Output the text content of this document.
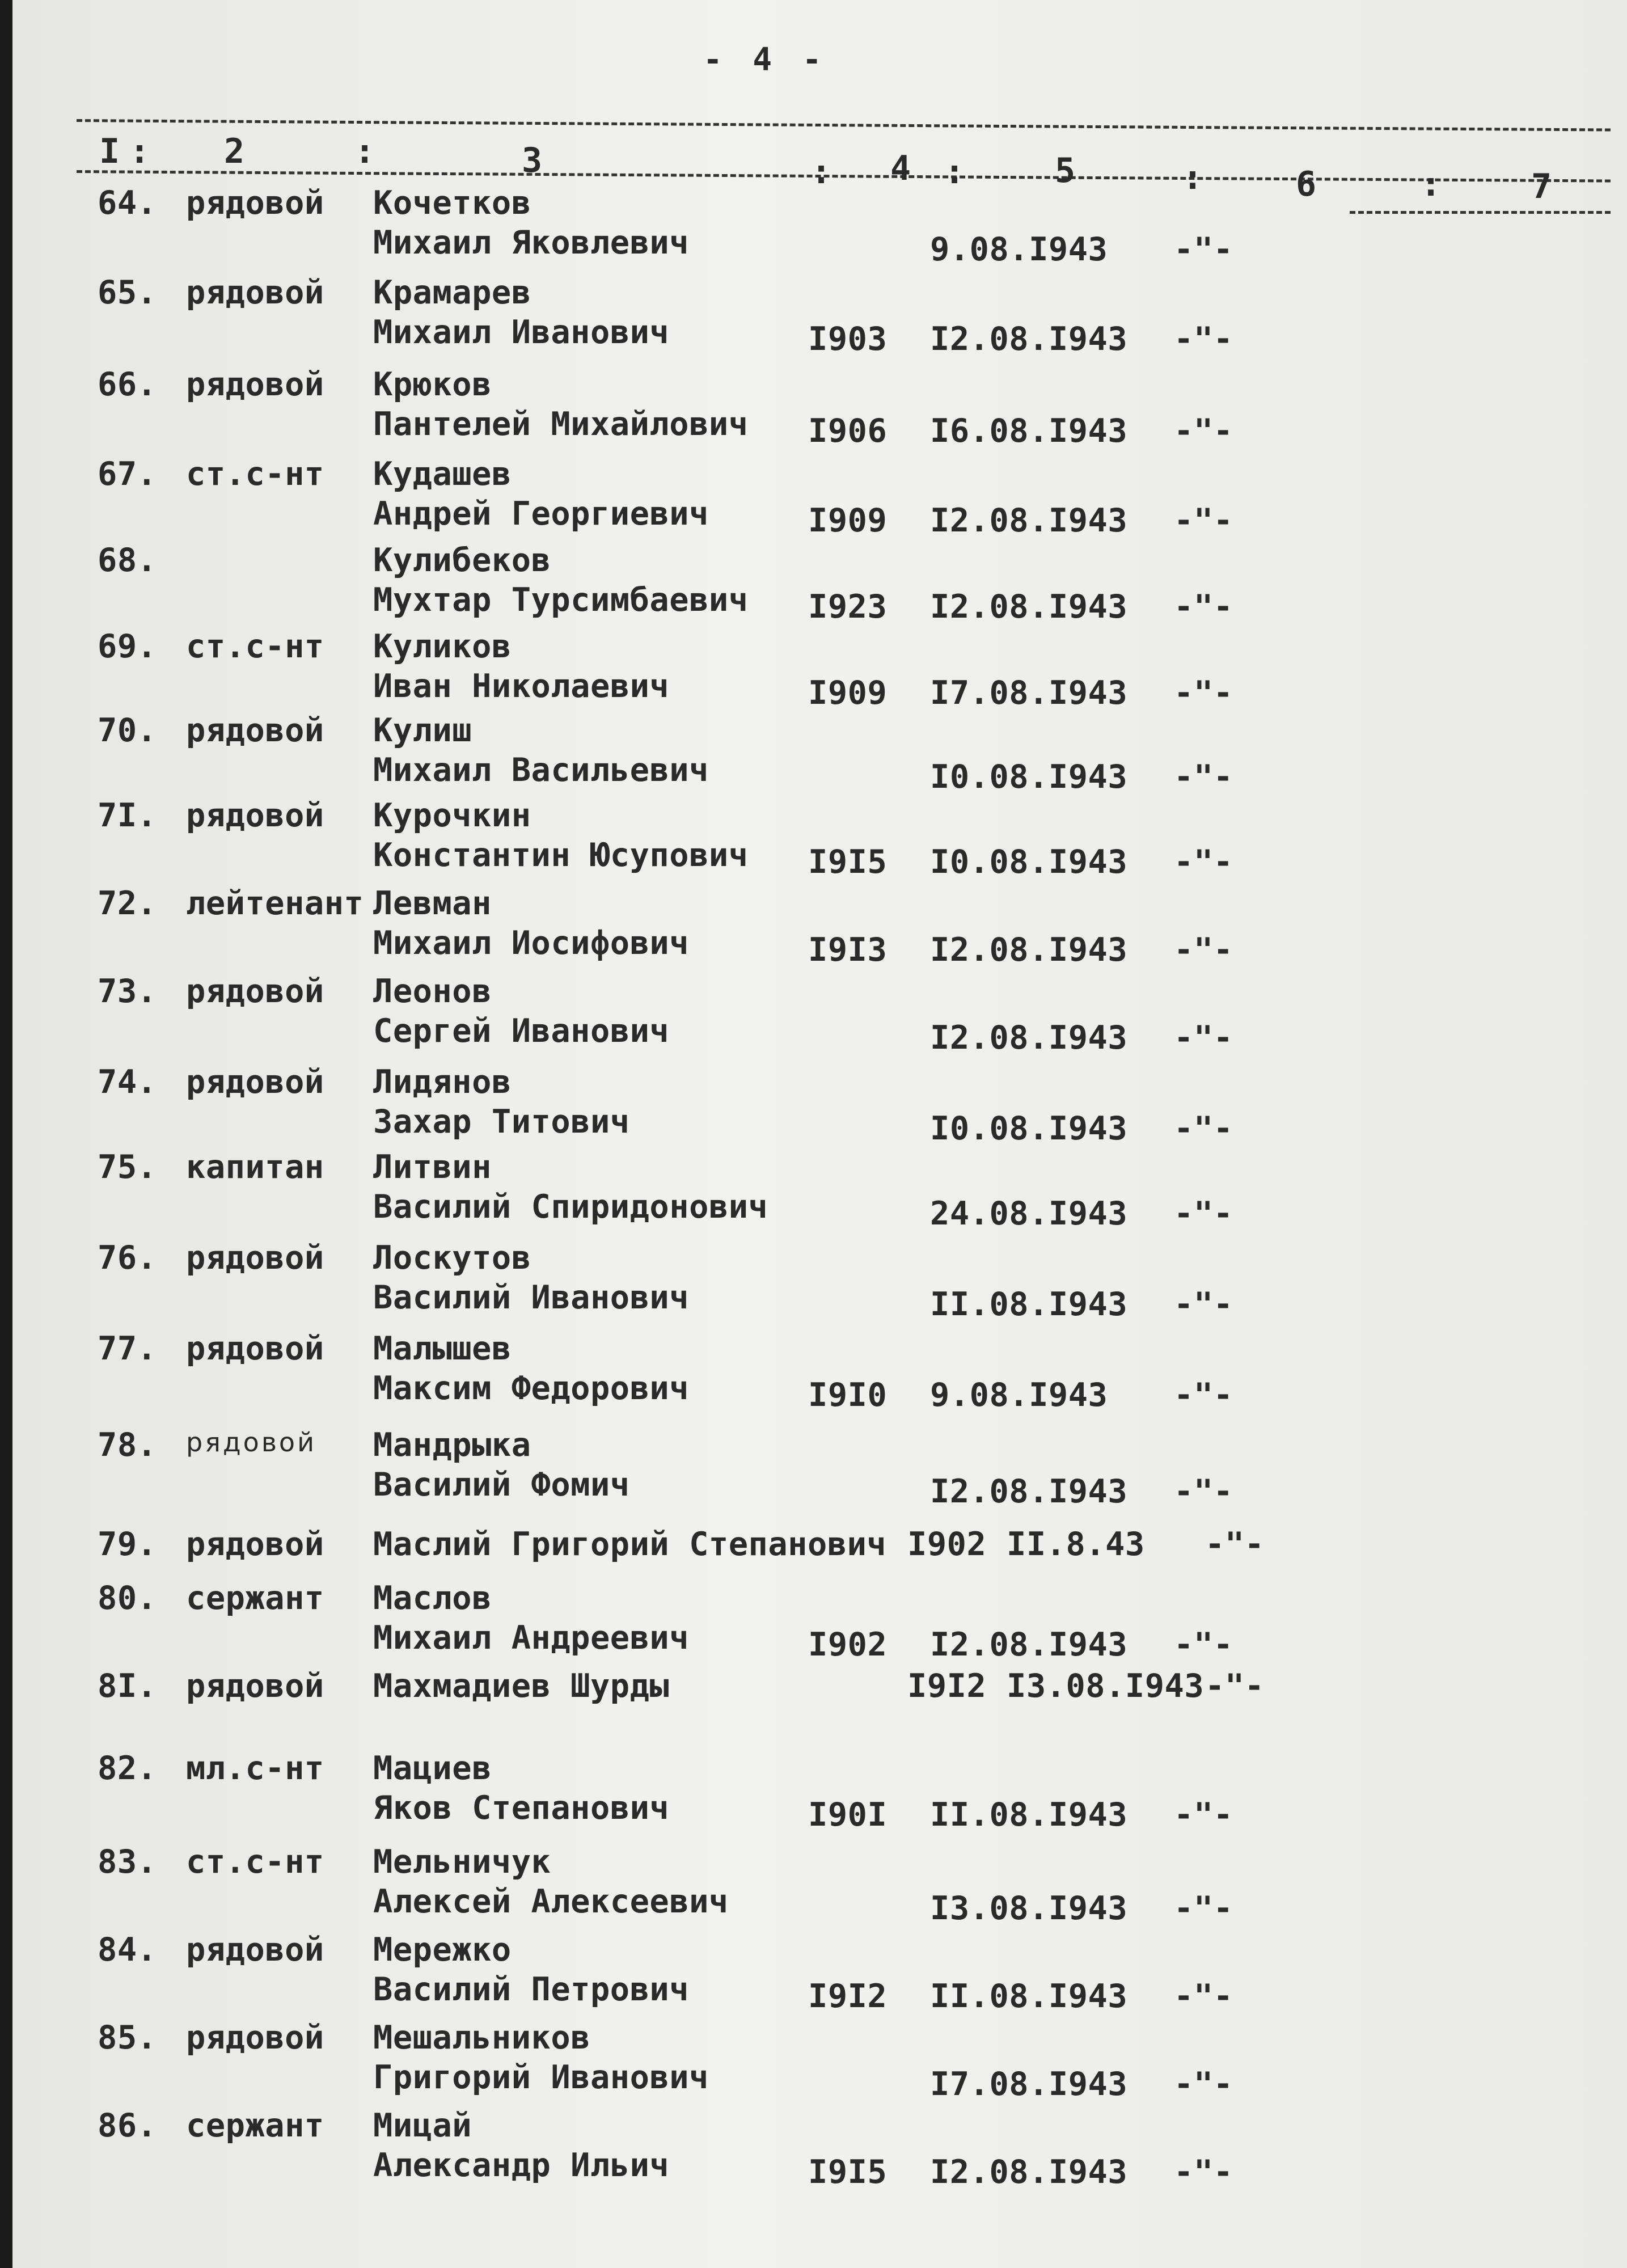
- 4 -
I : 2	:	3	: 4 :	5	:	6	:	7
64. рядовой Кочетков
Михаил Яковлевич	9.08.I943 -"-
65. рядовой Крамарев
Михаил Иванович	I903 I2.08.I943 -"-
66. рядовой Крюков
Пантелей Михайлович I906 I6.08.I943 -"-
67. ст.с-нт Кудашев
Андрей Георгиевич	I909 I2.08.I943 -"-
68.	Кулибеков
Мухтар Турсимбаевич I923 I2.08.I943 -"-
69. ст.с-нт Куликов
Иван Николаевич	I909 I7.08.I943 -"-
70. рядовой Кулиш
Михаил Васильевич	I0.08.I943 -"-
7I. рядовой Курочкин
Константин Юсупович I9I5 I0.08.I943 -"-
72. лейтенант Левман
Михаил Иосифович	I9I3 I2.08.I943 -"-
73. рядовой Леонов
Сергей Иванович	I2.08.I943 -"-
74. рядовой Лидянов
Захар Титович	I0.08.I943 -"-
75. капитан Литвин
Василий Спиридонович	24.08.I943 -"-
76. рядовой Лоскутов
Василий Иванович	II.08.I943 -"-
77. рядовой Малышев
Максим Федорович	I9I0 9.08.I943 -"-
78. рядовой Мандрыка
Василий Фомич	I2.08.I943 -"-
79. рядовой Маслий Григорий Степанович I902 II.8.43 -"-
80. сержант Маслов
Михаил Андреевич	I902 I2.08.I943 -"-
8I. рядовой Махмадиев Шурды	I9I2 I3.08.I943 -"-
82. мл.с-нт Мациев
Яков Степанович	I90I II.08.I943 -"-
83. ст.с-нт Мельничук
Алексей Алексеевич	I3.08.I943 -"-
84. рядовой Мережко
Василий Петрович	I9I2 II.08.I943 -"-
85. рядовой Мешальников
Григорий Иванович	I7.08.I943 -"-
86. сержант Мицай
Александр Ильич	I9I5 I2.08.I943 -"-
